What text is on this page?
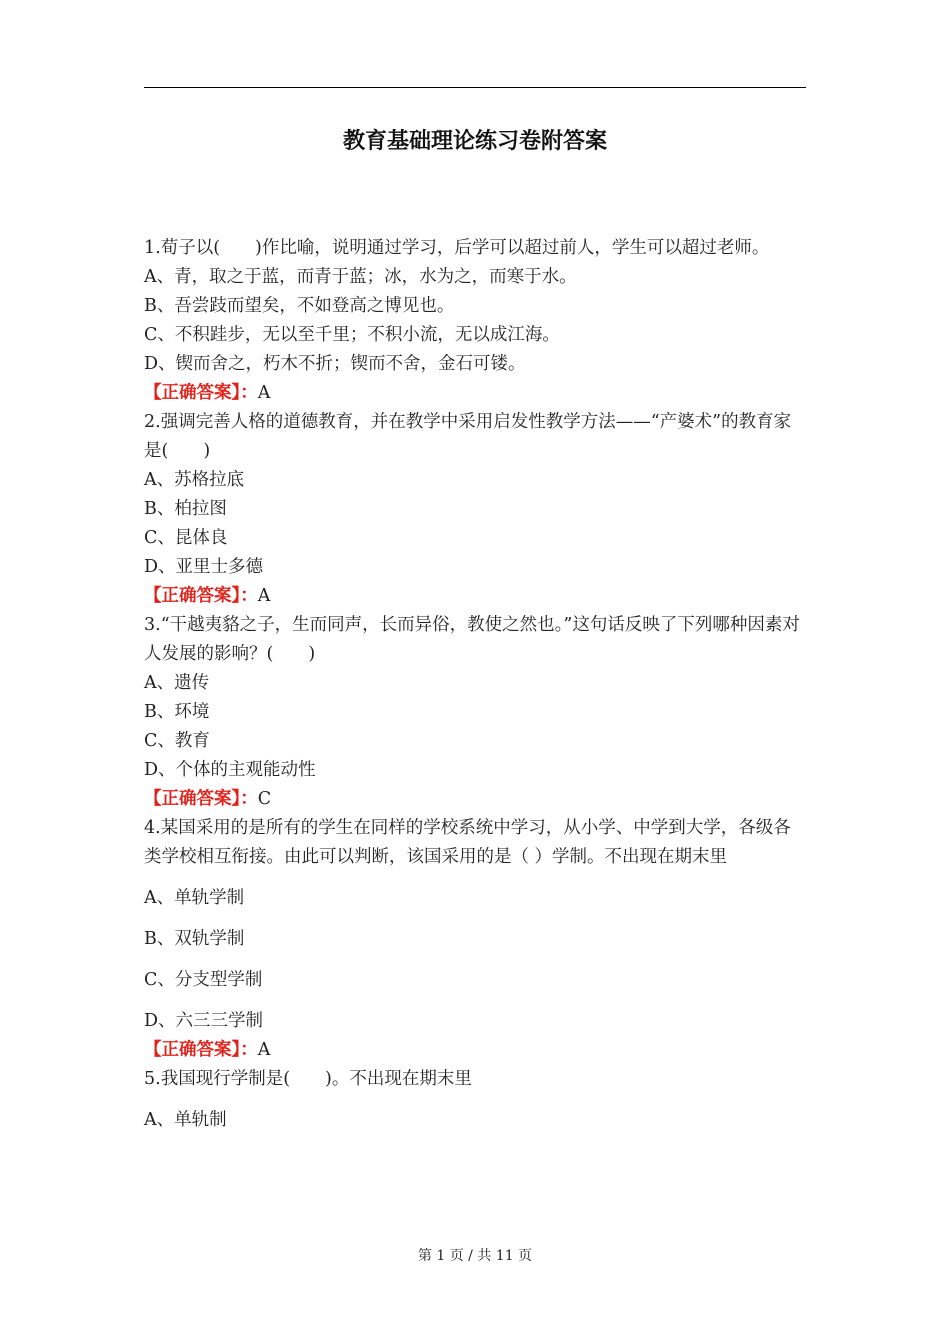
教育基础理论练习卷附答案
1.荀子以(　　)作比喻，说明通过学习，后学可以超过前人，学生可以超过老师。
A、青，取之于蓝，而青于蓝；冰，水为之，而寒于水。
B、吾尝跂而望矣，不如登高之博见也。
C、不积跬步，无以至千里；不积小流，无以成江海。
D、锲而舍之，朽木不折；锲而不舍，金石可镂。
【正确答案】：A
2.强调完善人格的道德教育，并在教学中采用启发性教学方法——“产婆术”的教育家是(　　)
A、苏格拉底
B、柏拉图
C、昆体良
D、亚里士多德
【正确答案】：A
3.“干越夷貉之子，生而同声，长而异俗，教使之然也。”这句话反映了下列哪种因素对人发展的影响？(　　)
A、遗传
B、环境
C、教育
D、个体的主观能动性
【正确答案】：C
4.某国采用的是所有的学生在同样的学校系统中学习，从小学、中学到大学，各级各类学校相互衔接。由此可以判断，该国采用的是（ ）学制。不出现在期末里
A、单轨学制
B、双轨学制
C、分支型学制
D、六三三学制
【正确答案】：A
5.我国现行学制是(　　)。不出现在期末里
A、单轨制
第 1 页 / 共 11 页
